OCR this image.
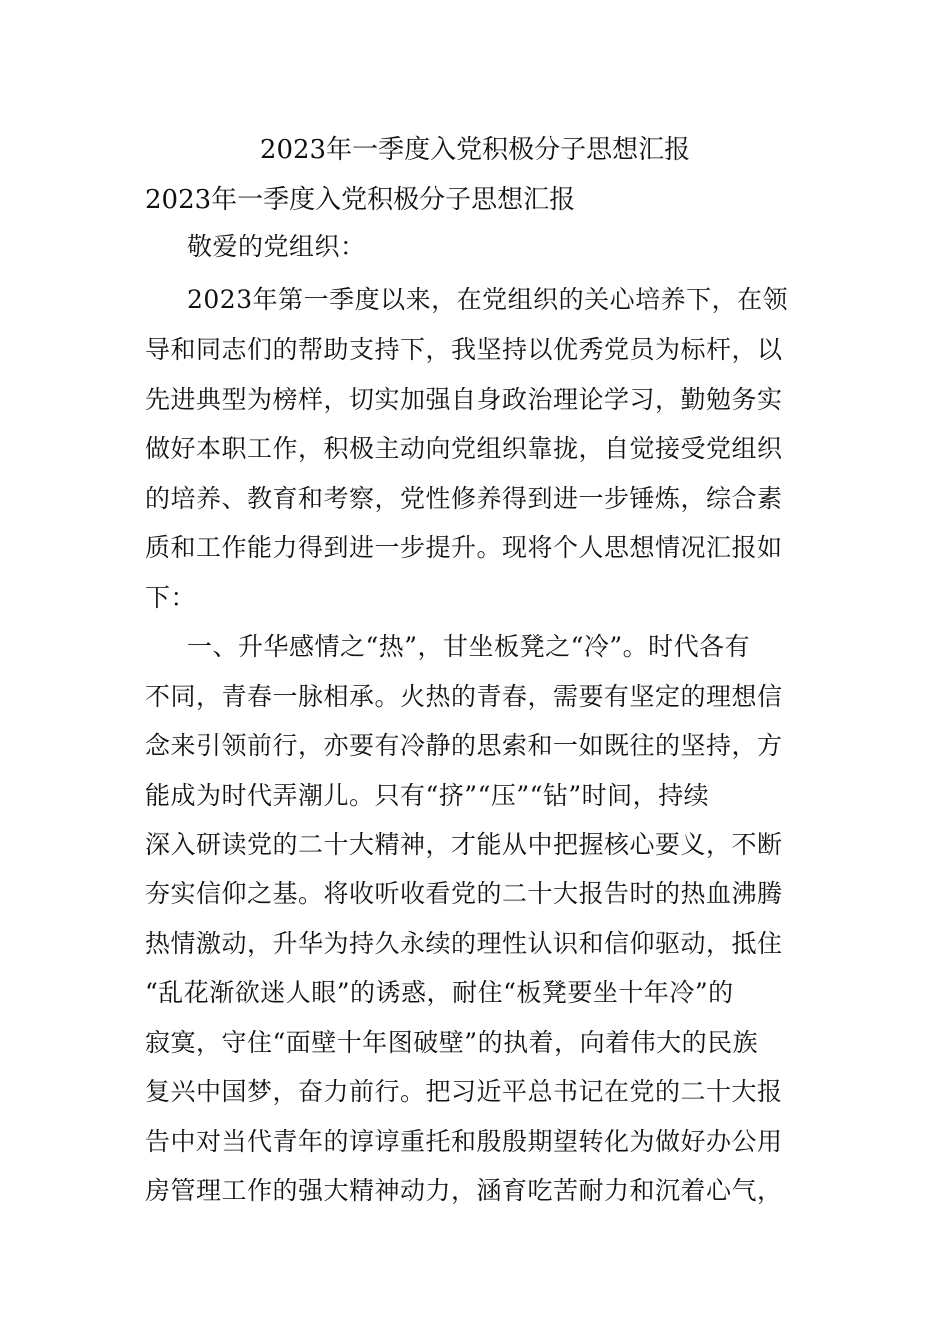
2023年一季度入党积极分子思想汇报
2023年一季度入党积极分子思想汇报
敬爱的党组织：
2023年第一季度以来，在党组织的关心培养下，在领
导和同志们的帮助支持下，我坚持以优秀党员为标杆，以
先进典型为榜样，切实加强自身政治理论学习，勤勉务实
做好本职工作，积极主动向党组织靠拢，自觉接受党组织
的培养、教育和考察，党性修养得到进一步锤炼，综合素
质和工作能力得到进一步提升。现将个人思想情况汇报如
下：
一、升华感情之“热”，甘坐板凳之“冷”。时代各有
不同，青春一脉相承。火热的青春，需要有坚定的理想信
念来引领前行，亦要有冷静的思索和一如既往的坚持，方
能成为时代弄潮儿。只有“挤”“压”“钻”时间，持续
深入研读党的二十大精神，才能从中把握核心要义，不断
夯实信仰之基。将收听收看党的二十大报告时的热血沸腾
热情激动，升华为持久永续的理性认识和信仰驱动，抵住
“乱花渐欲迷人眼”的诱惑，耐住“板凳要坐十年冷”的
寂寞，守住“面壁十年图破壁”的执着，向着伟大的民族
复兴中国梦，奋力前行。把习近平总书记在党的二十大报
告中对当代青年的谆谆重托和殷殷期望转化为做好办公用
房管理工作的强大精神动力，涵育吃苦耐力和沉着心气，
